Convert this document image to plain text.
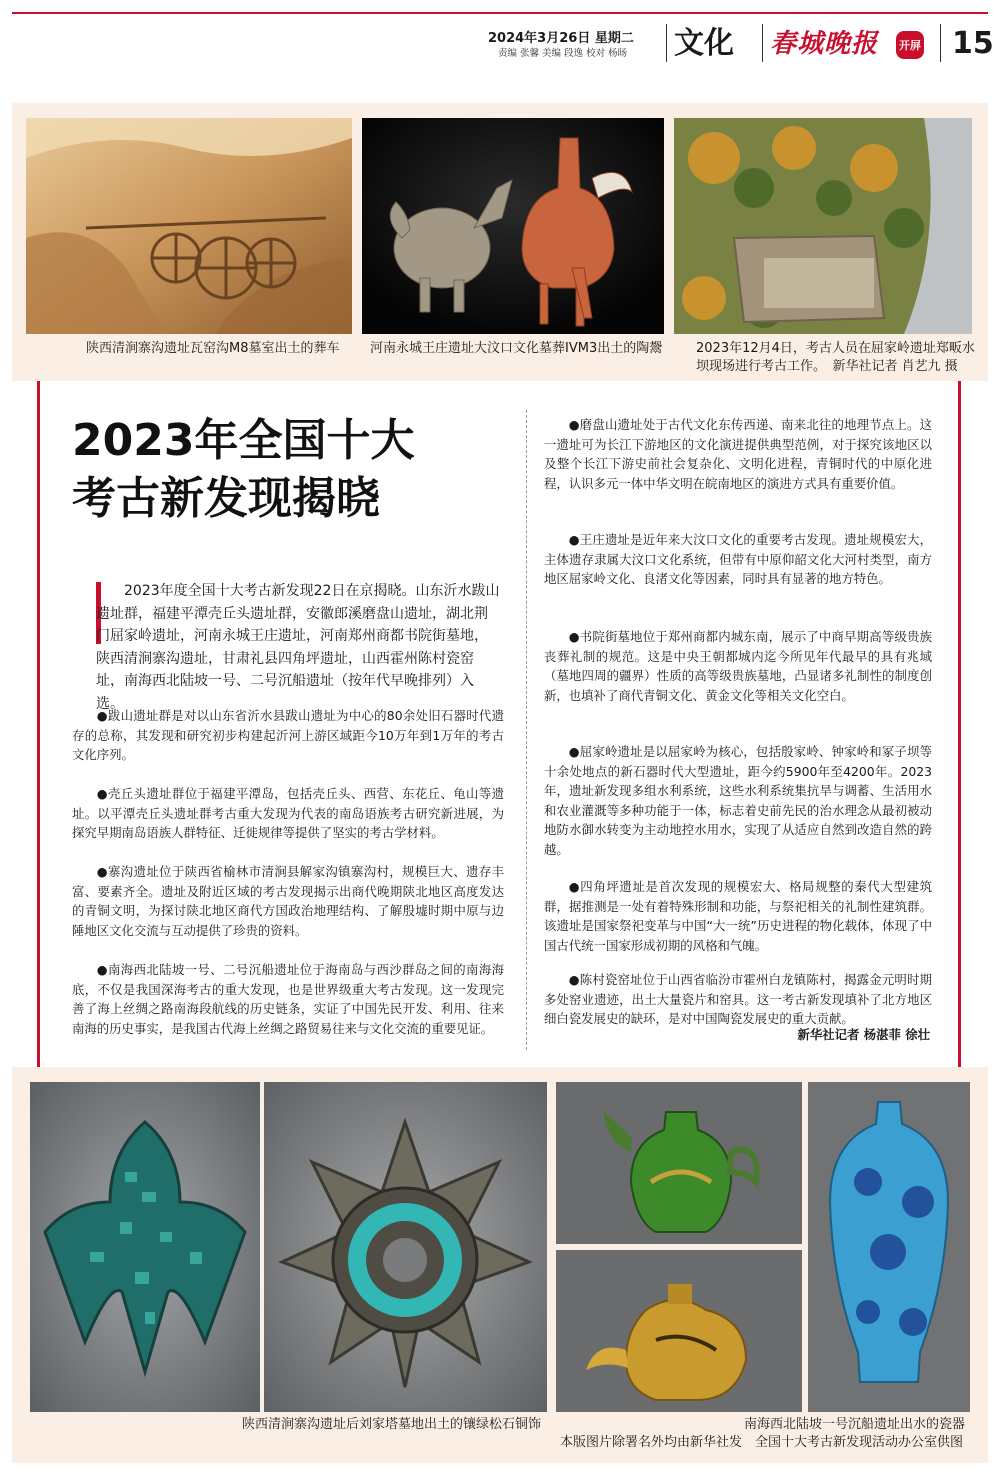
2024年3月26日 星期二
责编 张馨 美编 段逸 校对 杨旸	文化 春城晚报 开屏 15
陕西清涧寨沟遗址瓦窑沟M8墓室出土的葬车	河南永城王庄遗址大汶口文化墓葬IVM3出土的陶鬶	2023年12月4日，考古人员在屈家岭遗址郑畈水坝现场进行考古工作。　新华社记者 肖艺九 摄
2023年全国十大
考古新发现揭晓
2023年度全国十大考古新发现22日在京揭晓。山东沂水跋山遗址群，福建平潭壳丘头遗址群，安徽郎溪磨盘山遗址，湖北荆门屈家岭遗址，河南永城王庄遗址，河南郑州商都书院街墓地，陕西清涧寨沟遗址，甘肃礼县四角坪遗址，山西霍州陈村瓷窑址，南海西北陆坡一号、二号沉船遗址（按年代早晚排列）入选。
●跋山遗址群是对以山东省沂水县跋山遗址为中心的80余处旧石器时代遗存的总称，其发现和研究初步构建起沂河上游区域距今10万年到1万年的考古文化序列。
●壳丘头遗址群位于福建平潭岛，包括壳丘头、西营、东花丘、龟山等遗址。以平潭壳丘头遗址群考古重大发现为代表的南岛语族考古研究新进展，为探究早期南岛语族人群特征、迁徙规律等提供了坚实的考古学材料。
●寨沟遗址位于陕西省榆林市清涧县解家沟镇寨沟村，规模巨大、遗存丰富、要素齐全。遗址及附近区域的考古发现揭示出商代晚期陕北地区高度发达的青铜文明，为探讨陕北地区商代方国政治地理结构、了解殷墟时期中原与边陲地区文化交流与互动提供了珍贵的资料。
●南海西北陆坡一号、二号沉船遗址位于海南岛与西沙群岛之间的南海海底，不仅是我国深海考古的重大发现，也是世界级重大考古发现。这一发现完善了海上丝绸之路南海段航线的历史链条，实证了中国先民开发、利用、往来南海的历史事实，是我国古代海上丝绸之路贸易往来与文化交流的重要见证。
●磨盘山遗址处于古代文化东传西递、南来北往的地理节点上。这一遗址可为长江下游地区的文化演进提供典型范例，对于探究该地区以及整个长江下游史前社会复杂化、文明化进程，青铜时代的中原化进程，认识多元一体中华文明在皖南地区的演进方式具有重要价值。
●王庄遗址是近年来大汶口文化的重要考古发现。遗址规模宏大，主体遗存隶属大汶口文化系统，但带有中原仰韶文化大河村类型，南方地区屈家岭文化、良渚文化等因素，同时具有显著的地方特色。
●书院街墓地位于郑州商都内城东南，展示了中商早期高等级贵族丧葬礼制的规范。这是中央王朝都城内迄今所见年代最早的具有兆域（墓地四周的疆界）性质的高等级贵族墓地，凸显诸多礼制性的制度创新，也填补了商代青铜文化、黄金文化等相关文化空白。
●屈家岭遗址是以屈家岭为核心，包括殷家岭、钟家岭和冢子坝等十余处地点的新石器时代大型遗址，距今约5900年至4200年。2023年，遗址新发现多组水利系统，这些水利系统集抗旱与调蓄、生活用水和农业灌溉等多种功能于一体，标志着史前先民的治水理念从最初被动地防水御水转变为主动地控水用水，实现了从适应自然到改造自然的跨越。
●四角坪遗址是首次发现的规模宏大、格局规整的秦代大型建筑群，据推测是一处有着特殊形制和功能，与祭祀相关的礼制性建筑群。该遗址是国家祭祀变革与中国“大一统”历史进程的物化载体，体现了中国古代统一国家形成初期的风格和气魄。
●陈村瓷窑址位于山西省临汾市霍州白龙镇陈村，揭露金元明时期多处窑业遗迹，出土大量瓷片和窑具。这一考古新发现填补了北方地区细白瓷发展史的缺环，是对中国陶瓷发展史的重大贡献。
新华社记者 杨湛菲 徐壮
陕西清涧寨沟遗址后刘家塔墓地出土的镶绿松石铜饰	南海西北陆坡一号沉船遗址出水的瓷器
本版图片除署名外均由新华社发　全国十大考古新发现活动办公室供图
